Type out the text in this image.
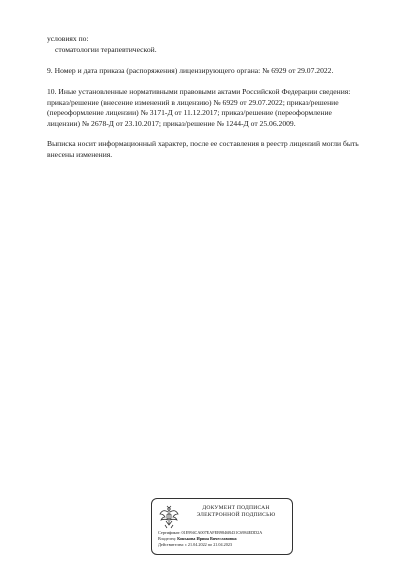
условиях по:
стоматологии терапевтической.
9. Номер и дата приказа (распоряжения) лицензирующего органа: № 6929 от 29.07.2022.
10. Иные установленные нормативными правовыми актами Российской Федерации сведения:
приказ/решение (внесение изменений в лицензию) № 6929 от 29.07.2022; приказ/решение
(переоформление лицензии) № 3171-Д от 11.12.2017; приказ/решение (переоформление
лицензии) № 2678-Д от 23.10.2017; приказ/решение № 1244-Д от 25.06.2009.
Выписка носит информационный характер, после ее составления в реестр лицензий могли быть
внесены изменения.
ДОКУМЕНТ ПОДПИСАН
ЭЛЕКТРОННОЙ ПОДПИСЬЮ
Сертификат: 01E994CA007EAFEB9846B431C6984EDD2A
Владелец: Конькова Ирина Вячеславовна
Действителен: с 21.04.2022 по 21.04.2023
